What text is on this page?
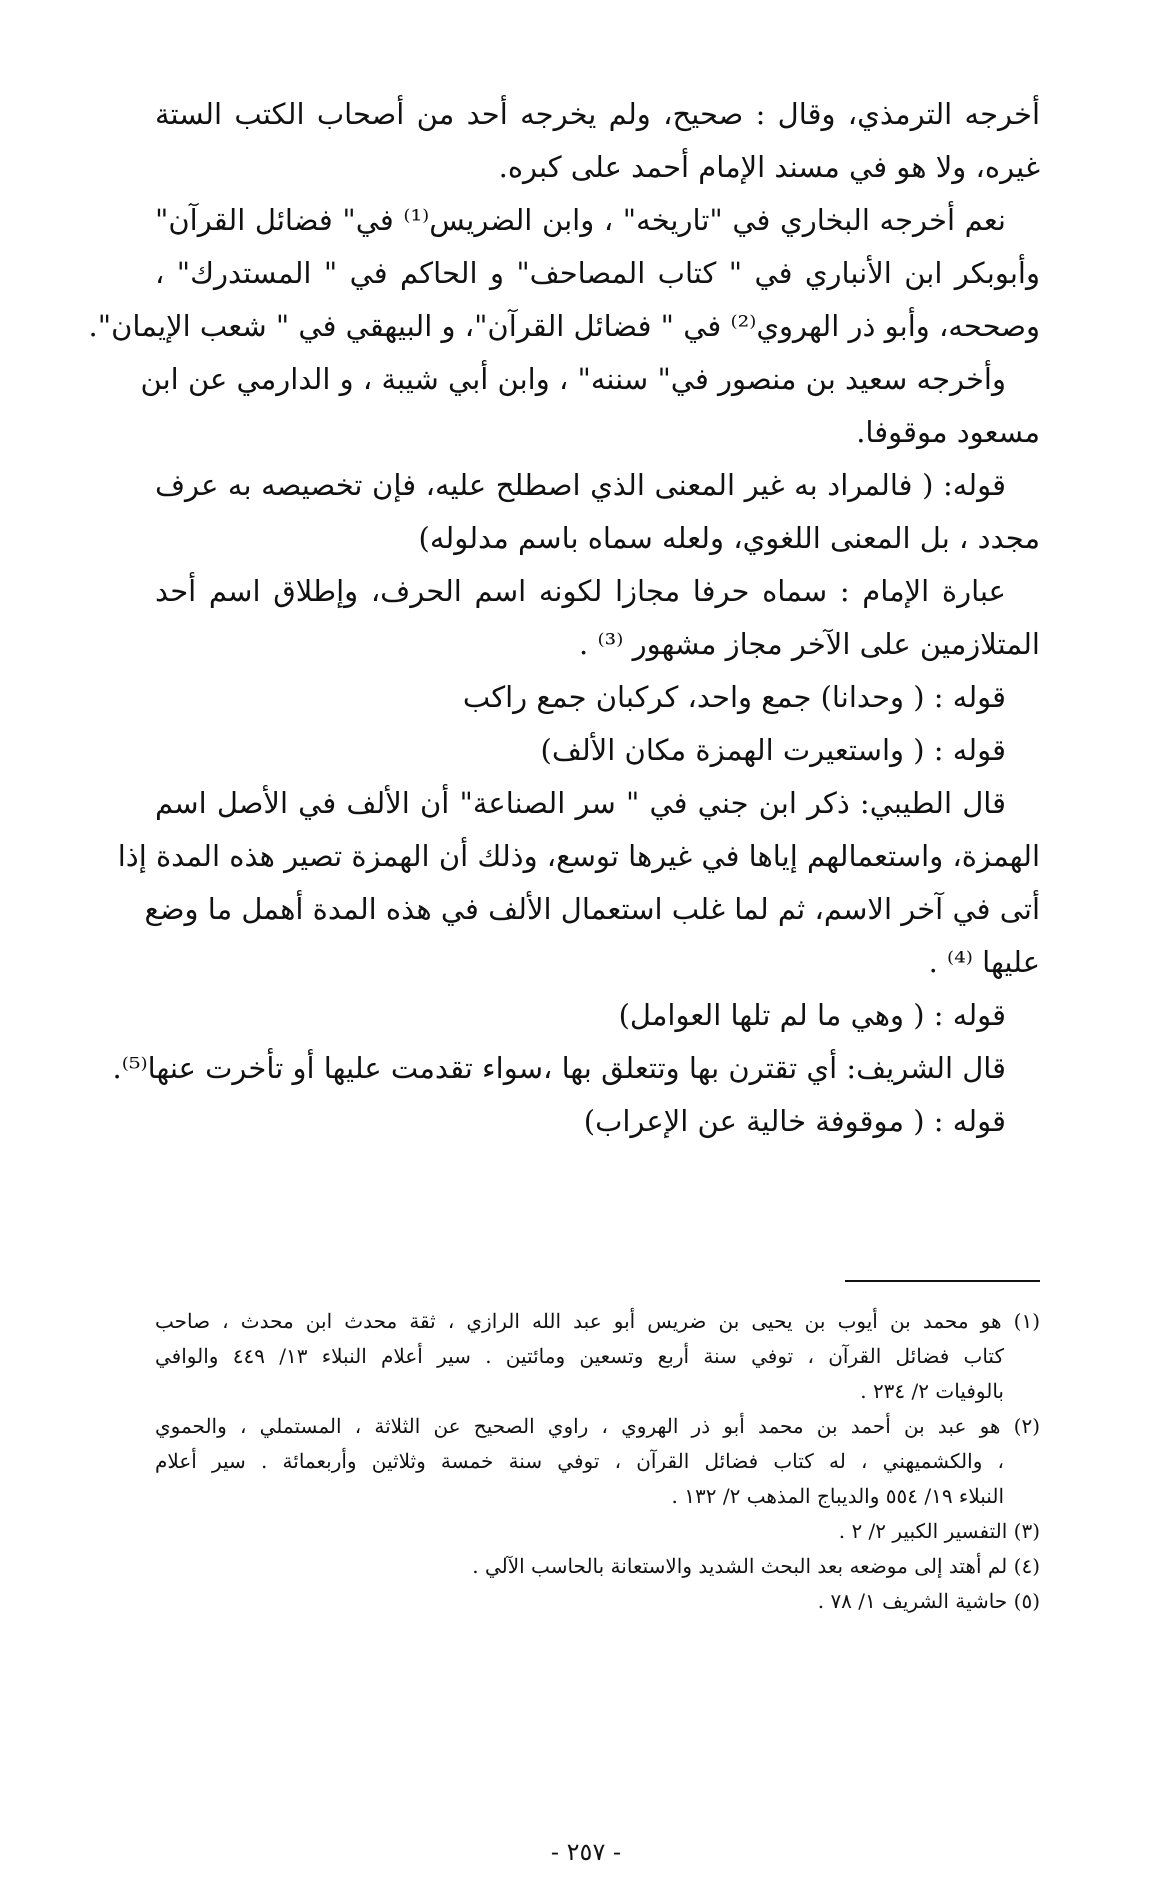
أخرجه الترمذي، وقال : صحيح، ولم يخرجه أحد من أصحاب الكتب الستة

غيره، ولا هو في مسند الإمام أحمد على كبره.

نعم أخرجه البخاري في "تاريخه" ، وابن الضريس⁽¹⁾ في" فضائل القرآن"

وأبوبكر ابن الأنباري في " كتاب المصاحف" و الحاكم في " المستدرك" ،

وصححه، وأبو ذر الهروي⁽²⁾ في " فضائل القرآن"، و البيهقي في " شعب الإيمان".

وأخرجه سعيد بن منصور في" سننه" ، وابن أبي شيبة ، و الدارمي عن ابن

مسعود موقوفا.

قوله: ( فالمراد به غير المعنى الذي اصطلح عليه، فإن تخصيصه به عرف

مجدد ، بل المعنى اللغوي، ولعله سماه باسم مدلوله)

عبارة الإمام : سماه حرفا مجازا لكونه اسم الحرف، وإطلاق اسم أحد

المتلازمين على الآخر مجاز مشهور ⁽³⁾ .

قوله : ( وحدانا) جمع واحد، كركبان جمع راكب

قوله : ( واستعيرت الهمزة مكان الألف)

قال الطيبي: ذكر ابن جني في " سر الصناعة" أن الألف في الأصل اسم

الهمزة، واستعمالهم إياها في غيرها توسع، وذلك أن الهمزة تصير هذه المدة إذا

أتى في آخر الاسم، ثم لما غلب استعمال الألف في هذه المدة أهمل ما وضع

عليها ⁽⁴⁾ .

قوله : ( وهي ما لم تلها العوامل)

قال الشريف: أي تقترن بها وتتعلق بها ،سواء تقدمت عليها أو تأخرت عنها⁽⁵⁾.

قوله : ( موقوفة خالية عن الإعراب)

(١) هو محمد بن أيوب بن يحيى بن ضريس أبو عبد الله الرازي ، ثقة محدث ابن محدث ، صاحب

كتاب فضائل القرآن ، توفي سنة أربع وتسعين ومائتين . سير أعلام النبلاء ١٣/ ٤٤٩ والوافي

بالوفيات ٢/ ٢٣٤ .

(٢) هو عبد بن أحمد بن محمد أبو ذر الهروي ، راوي الصحيح عن الثلاثة ، المستملي ، والحموي

، والكشميهني ، له كتاب فضائل القرآن ، توفي سنة خمسة وثلاثين وأربعمائة . سير أعلام

النبلاء ١٩/ ٥٥٤ والديباج المذهب ٢/ ١٣٢ .

(٣) التفسير الكبير ٢/ ٢ .

(٤) لم أهتد إلى موضعه بعد البحث الشديد والاستعانة بالحاسب الآلي .

(٥) حاشية الشريف ١/ ٧٨ .

- ٢٥٧ -
